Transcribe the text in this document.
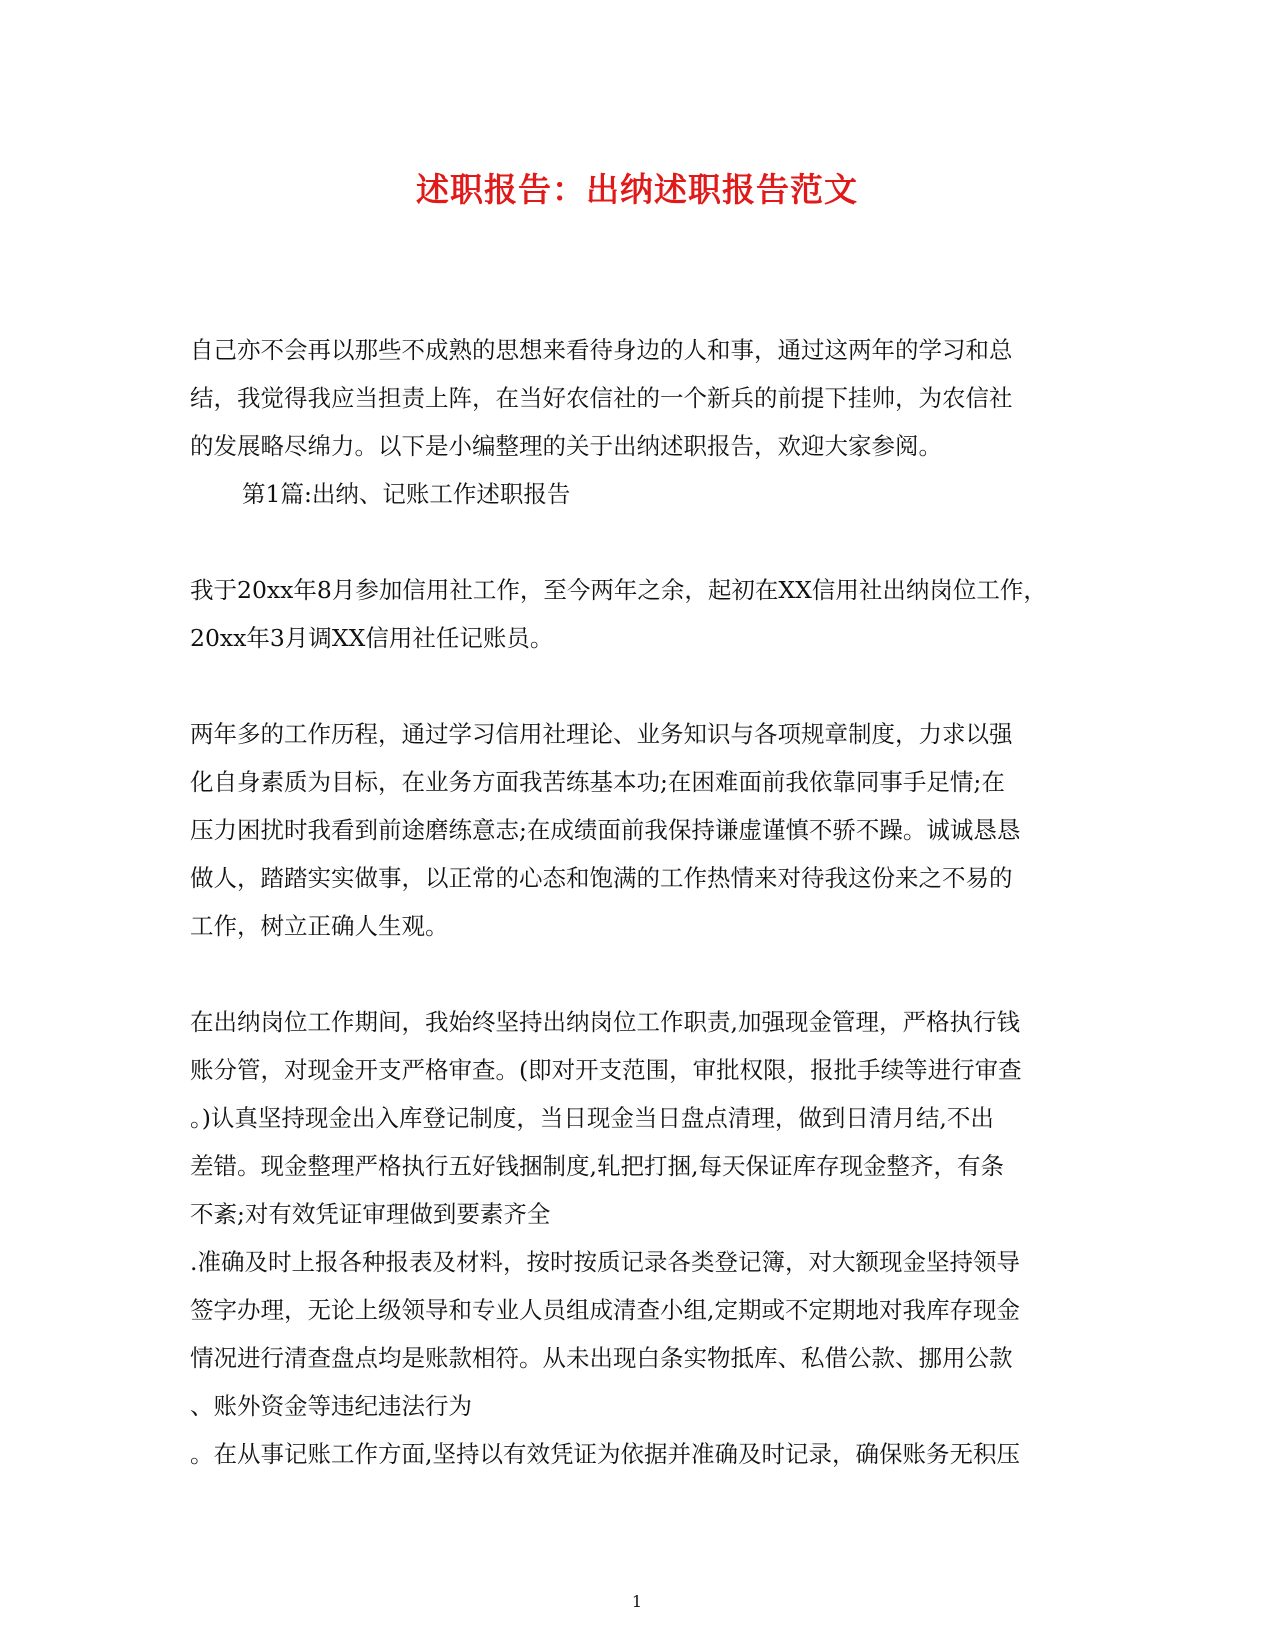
述职报告：出纳述职报告范文
自己亦不会再以那些不成熟的思想来看待身边的人和事，通过这两年的学习和总
结，我觉得我应当担责上阵，在当好农信社的一个新兵的前提下挂帅，为农信社
的发展略尽绵力。以下是小编整理的关于出纳述职报告，欢迎大家参阅。
第1篇:出纳、记账工作述职报告
我于20xx年8月参加信用社工作，至今两年之余，起初在XX信用社出纳岗位工作，
20xx年3月调XX信用社任记账员。
两年多的工作历程，通过学习信用社理论、业务知识与各项规章制度，力求以强
化自身素质为目标，在业务方面我苦练基本功;在困难面前我依靠同事手足情;在
压力困扰时我看到前途磨练意志;在成绩面前我保持谦虚谨慎不骄不躁。诚诚恳恳
做人，踏踏实实做事，以正常的心态和饱满的工作热情来对待我这份来之不易的
工作，树立正确人生观。
在出纳岗位工作期间，我始终坚持出纳岗位工作职责,加强现金管理，严格执行钱
账分管，对现金开支严格审查。(即对开支范围，审批权限，报批手续等进行审查
。)认真坚持现金出入库登记制度，当日现金当日盘点清理，做到日清月结,不出
差错。现金整理严格执行五好钱捆制度,轧把打捆,每天保证库存现金整齐，有条
不紊;对有效凭证审理做到要素齐全
.准确及时上报各种报表及材料，按时按质记录各类登记簿，对大额现金坚持领导
签字办理，无论上级领导和专业人员组成清查小组,定期或不定期地对我库存现金
情况进行清查盘点均是账款相符。从未出现白条实物抵库、私借公款、挪用公款
、账外资金等违纪违法行为
。在从事记账工作方面,坚持以有效凭证为依据并准确及时记录，确保账务无积压
1
